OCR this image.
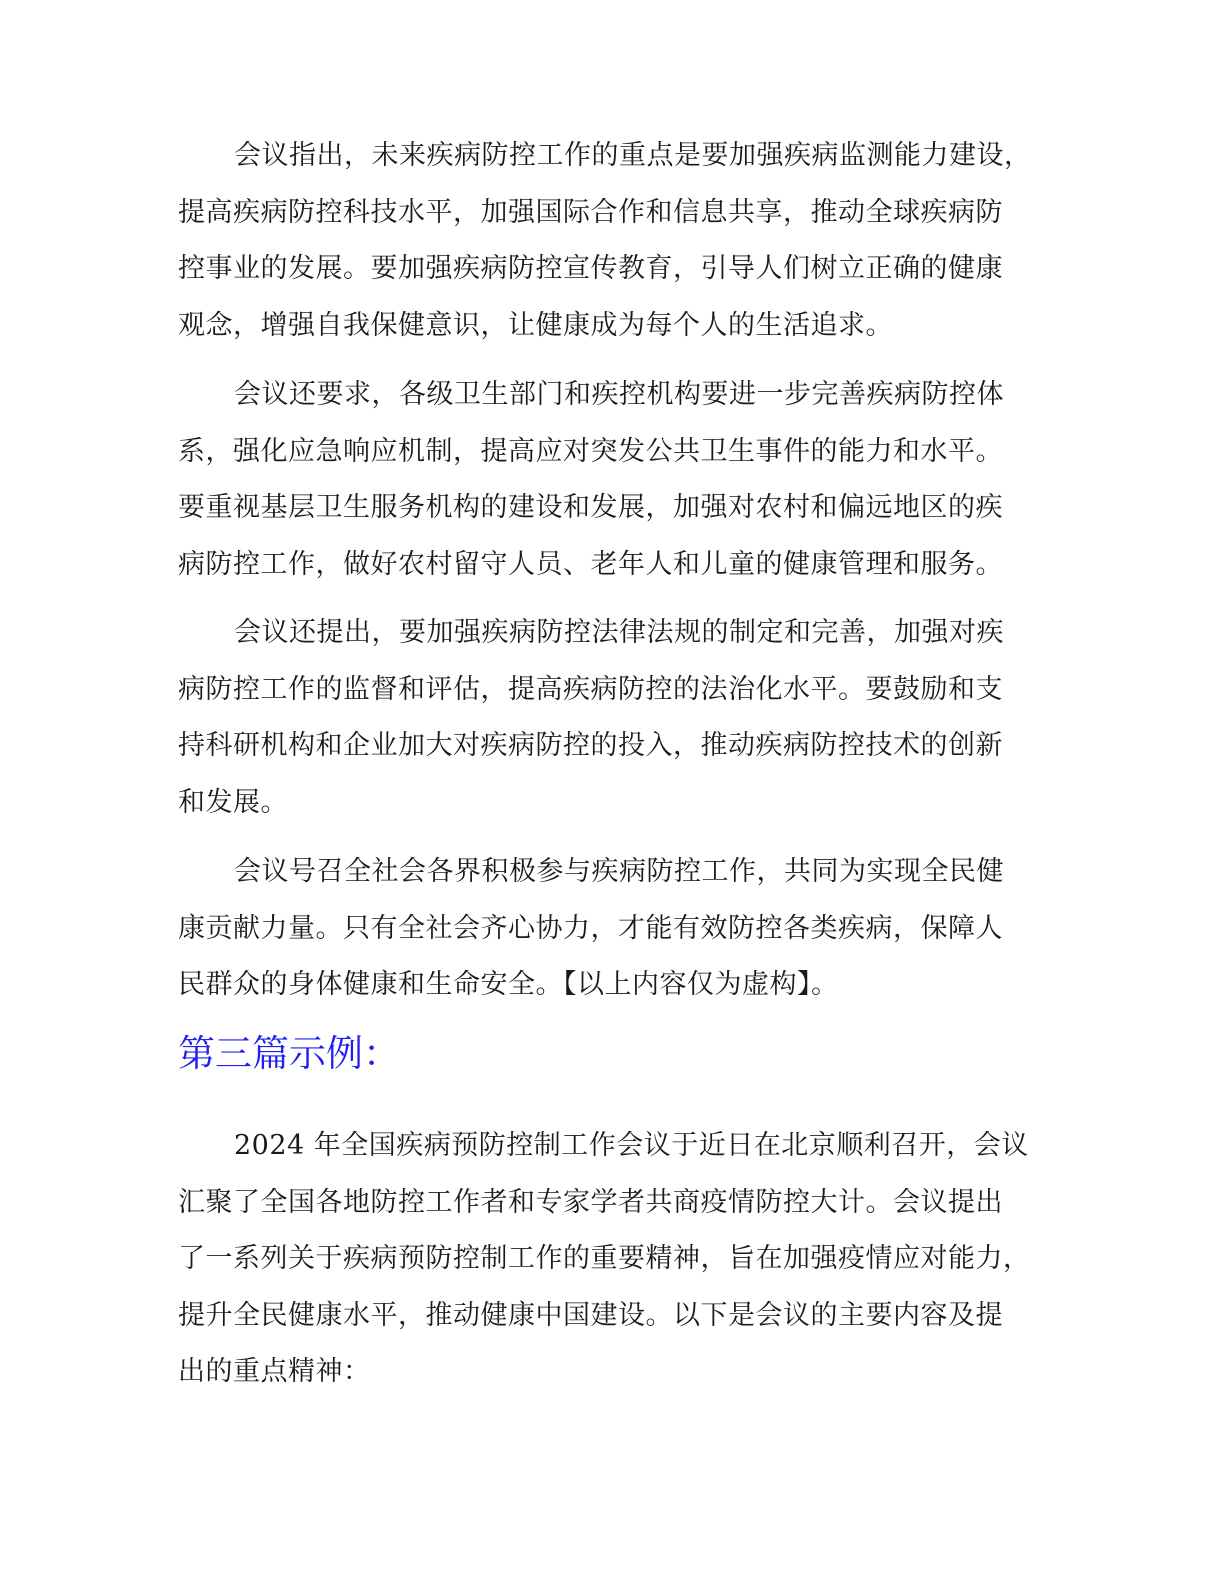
会议指出，未来疾病防控工作的重点是要加强疾病监测能力建设，
提高疾病防控科技水平，加强国际合作和信息共享，推动全球疾病防
控事业的发展。要加强疾病防控宣传教育，引导人们树立正确的健康
观念，增强自我保健意识，让健康成为每个人的生活追求。
会议还要求，各级卫生部门和疾控机构要进一步完善疾病防控体
系，强化应急响应机制，提高应对突发公共卫生事件的能力和水平。
要重视基层卫生服务机构的建设和发展，加强对农村和偏远地区的疾
病防控工作，做好农村留守人员、老年人和儿童的健康管理和服务。
会议还提出，要加强疾病防控法律法规的制定和完善，加强对疾
病防控工作的监督和评估，提高疾病防控的法治化水平。要鼓励和支
持科研机构和企业加大对疾病防控的投入，推动疾病防控技术的创新
和发展。
会议号召全社会各界积极参与疾病防控工作，共同为实现全民健
康贡献力量。只有全社会齐心协力，才能有效防控各类疾病，保障人
民群众的身体健康和生命安全。【以上内容仅为虚构】。
第三篇示例：
2024 年全国疾病预防控制工作会议于近日在北京顺利召开，会议
汇聚了全国各地防控工作者和专家学者共商疫情防控大计。会议提出
了一系列关于疾病预防控制工作的重要精神，旨在加强疫情应对能力，
提升全民健康水平，推动健康中国建设。以下是会议的主要内容及提
出的重点精神：
